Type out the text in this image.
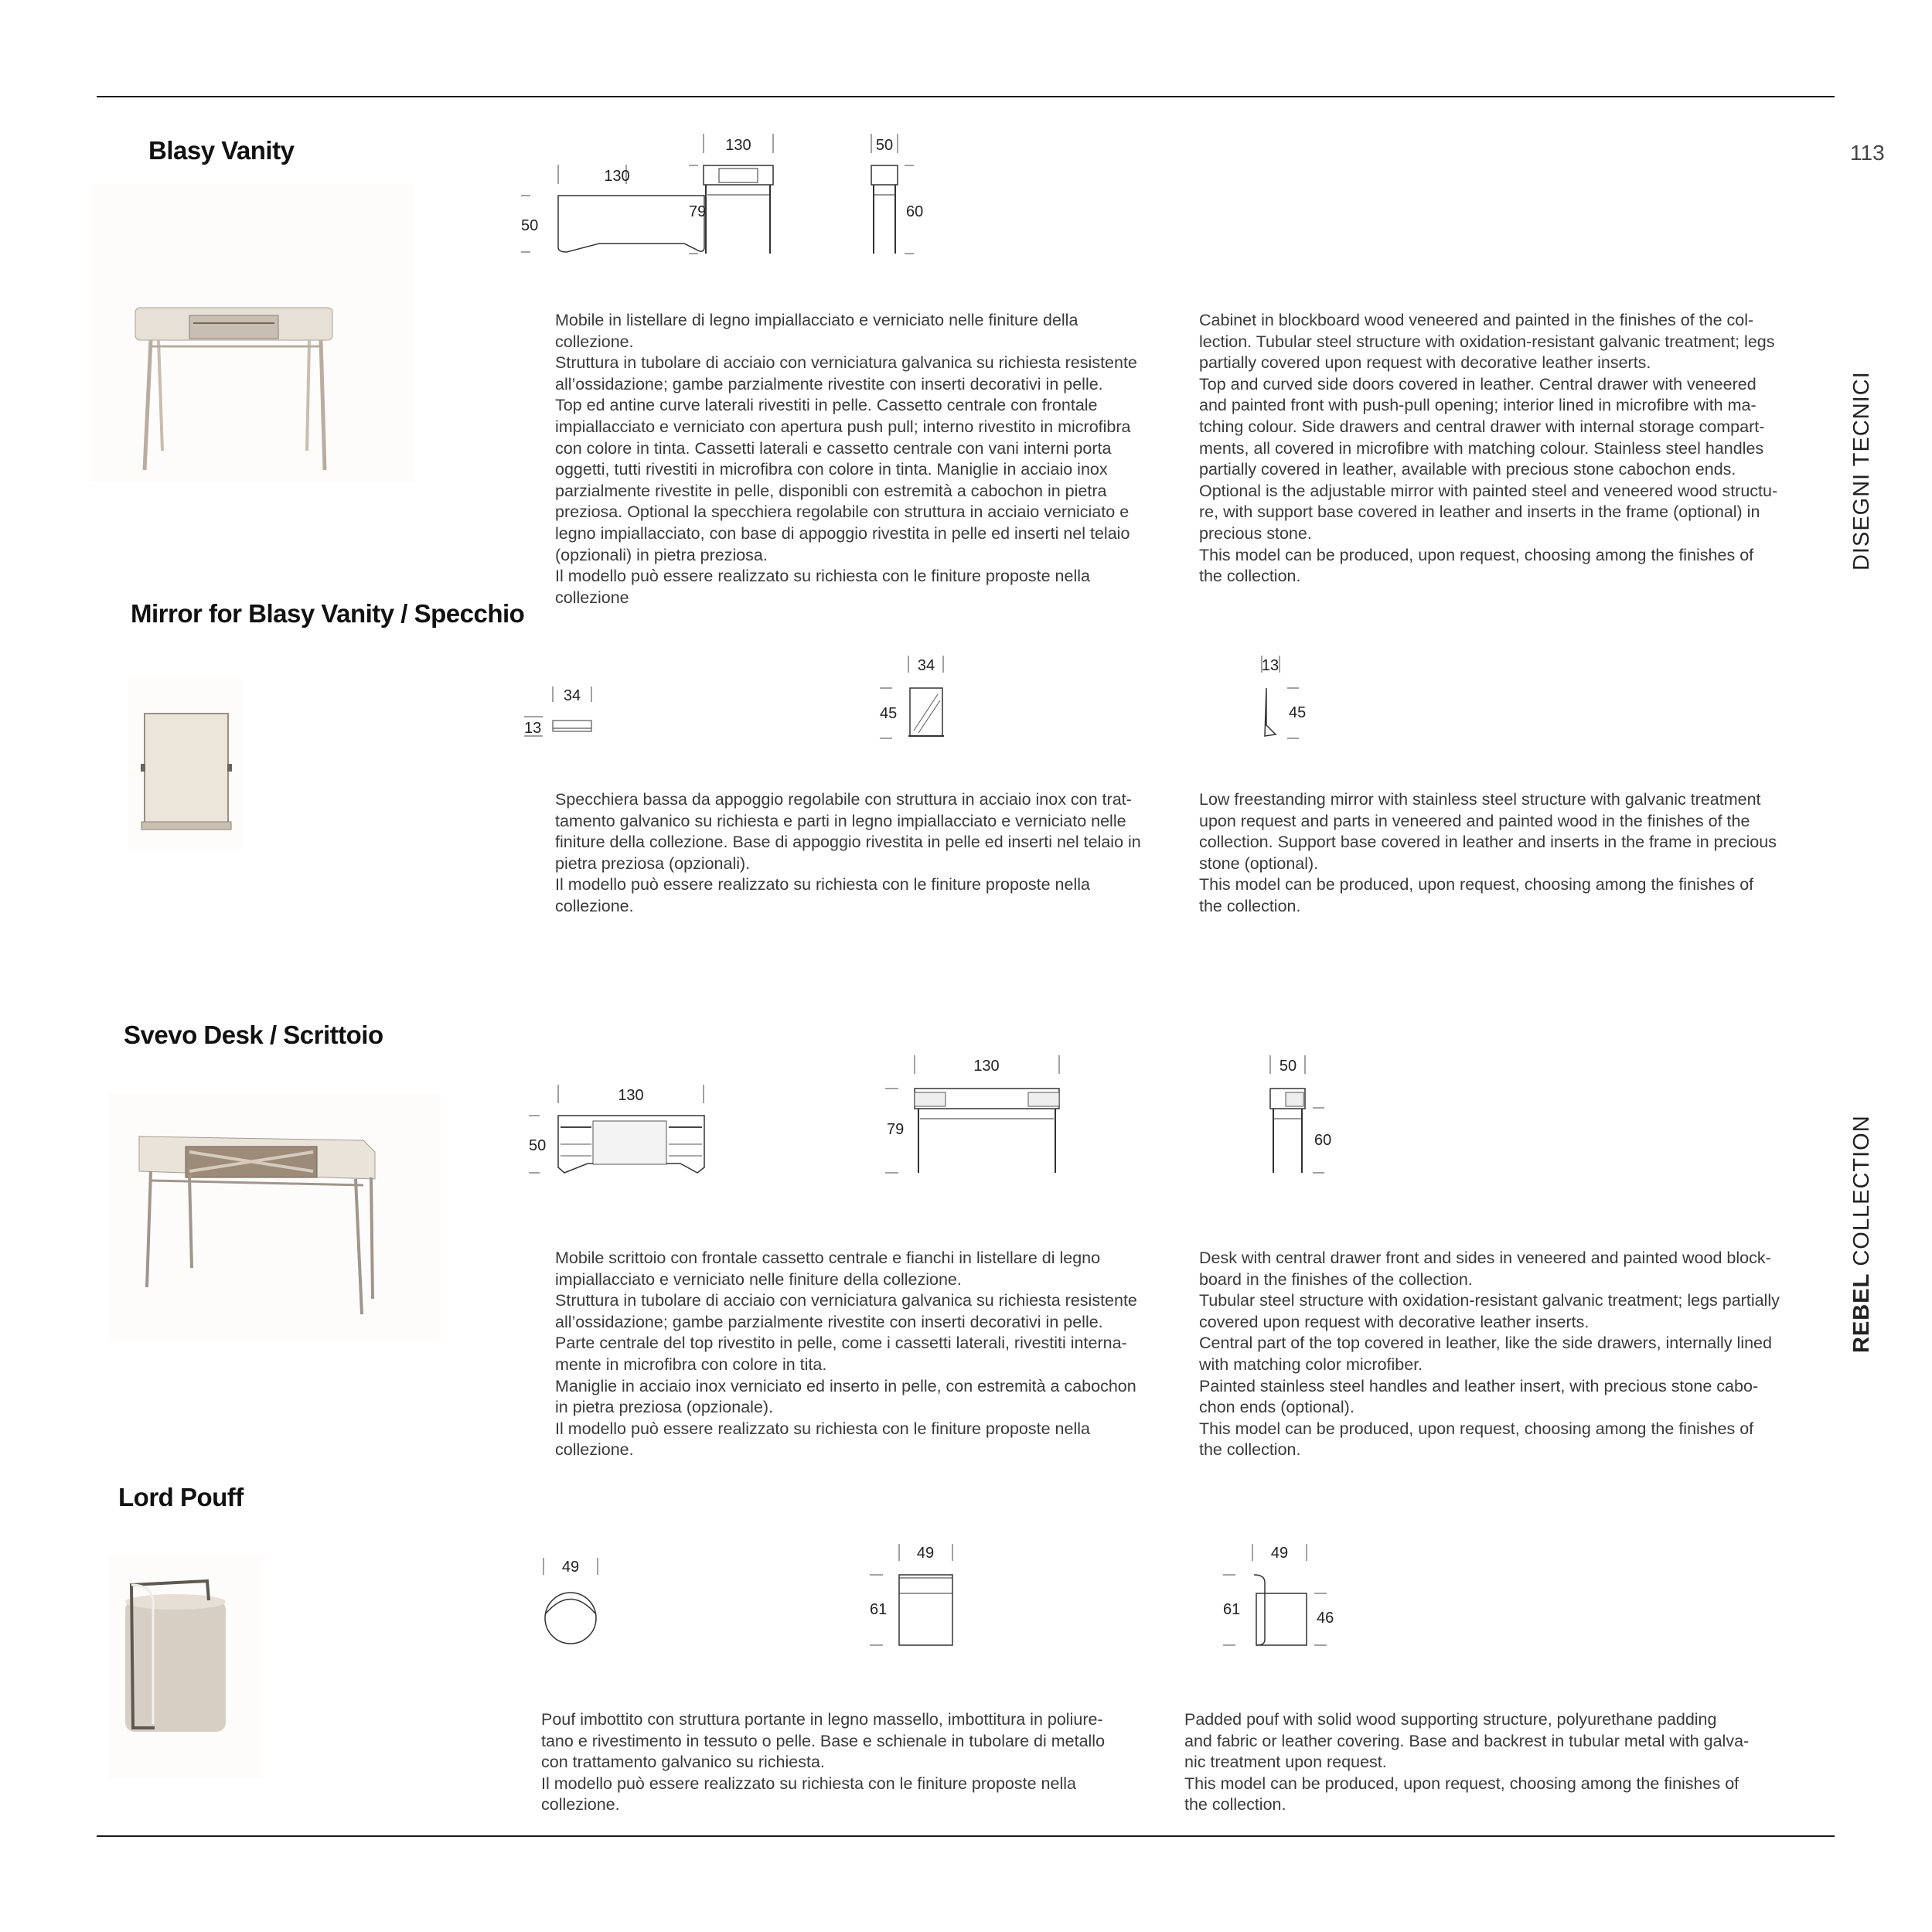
113
DISEGNI TECNICI
REBEL COLLECTION
Blasy Vanity
130
50
130
79
50
60

Mobile in listellare di legno impiallacciato e verniciato nelle finiture della collezione.

Struttura in tubolare di acciaio con verniciatura galvanica su richiesta resistente

all’ossidazione; gambe parzialmente rivestite con inserti decorativi in pelle.

Top ed antine curve laterali rivestiti in pelle. Cassetto centrale con frontale

impiallacciato e verniciato con apertura push pull; interno rivestito in microfibra

con colore in tinta. Cassetti laterali e cassetto centrale con vani interni porta

oggetti, tutti rivestiti in microfibra con colore in tinta. Maniglie in acciaio inox

parzialmente rivestite in pelle, disponibli con estremità a cabochon in pietra

preziosa. Optional la specchiera regolabile con struttura in acciaio verniciato e

legno impiallacciato, con base di appoggio rivestita in pelle ed inserti nel telaio

(opzionali) in pietra preziosa.

Il modello può essere realizzato su richiesta con le finiture proposte nella

collezione

Cabinet in blockboard wood veneered and painted in the finishes of the col-

lection. Tubular steel structure with oxidation-resistant galvanic treatment; legs

partially covered upon request with decorative leather inserts.

Top and curved side doors covered in leather. Central drawer with veneered

and painted front with push-pull opening; interior lined in microfibre with ma-

tching colour. Side drawers and central drawer with internal storage compart-

ments, all covered in microfibre with matching colour. Stainless steel handles

partially covered in leather, available with precious stone cabochon ends.

Optional is the adjustable mirror with painted steel and veneered wood structu-

re, with support base covered in leather and inserts in the frame (optional) in

precious stone.

This model can be produced, upon request, choosing among the finishes of

the collection.

Mirror for Blasy Vanity / Specchio
34
13
34
45
13
45

Specchiera bassa da appoggio regolabile con struttura in acciaio inox con trat-

tamento galvanico su richiesta e parti in legno impiallacciato e verniciato nelle

finiture della collezione. Base di appoggio rivestita in pelle ed inserti nel telaio in

pietra preziosa (opzionali).

Il modello può essere realizzato su richiesta con le finiture proposte nella

collezione.

Low freestanding mirror with stainless steel structure with galvanic treatment

upon request and parts in veneered and painted wood in the finishes of the

collection. Support base covered in leather and inserts in the frame in precious

stone (optional).

This model can be produced, upon request, choosing among the finishes of

the collection.

Svevo Desk / Scrittoio
130
50
130
79
50
60

Mobile scrittoio con frontale cassetto centrale e fianchi in listellare di legno

impiallacciato e verniciato nelle finiture della collezione.

Struttura in tubolare di acciaio con verniciatura galvanica su richiesta resistente

all’ossidazione; gambe parzialmente rivestite con inserti decorativi in pelle.

Parte centrale del top rivestito in pelle, come i cassetti laterali, rivestiti interna-

mente in microfibra con colore in tita.

Maniglie in acciaio inox verniciato ed inserto in pelle, con estremità a cabochon

in pietra preziosa (opzionale).

Il modello può essere realizzato su richiesta con le finiture proposte nella

collezione.

Desk with central drawer front and sides in veneered and painted wood block-

board in the finishes of the collection.

Tubular steel structure with oxidation-resistant galvanic treatment; legs partially

covered upon request with decorative leather inserts.

Central part of the top covered in leather, like the side drawers, internally lined

with matching color microfiber.

Painted stainless steel handles and leather insert, with precious stone cabo-

chon ends (optional).

This model can be produced, upon request, choosing among the finishes of

the collection.

Lord Pouff
49
49
61
49
61	46

Pouf imbottito con struttura portante in legno massello, imbottitura in poliure-

tano e rivestimento in tessuto o pelle. Base e schienale in tubolare di metallo

con trattamento galvanico su richiesta.

Il modello può essere realizzato su richiesta con le finiture proposte nella

collezione.

Padded pouf with solid wood supporting structure, polyurethane padding

and fabric or leather covering. Base and backrest in tubular metal with galva-

nic treatment upon request.

This model can be produced, upon request, choosing among the finishes of

the collection.
